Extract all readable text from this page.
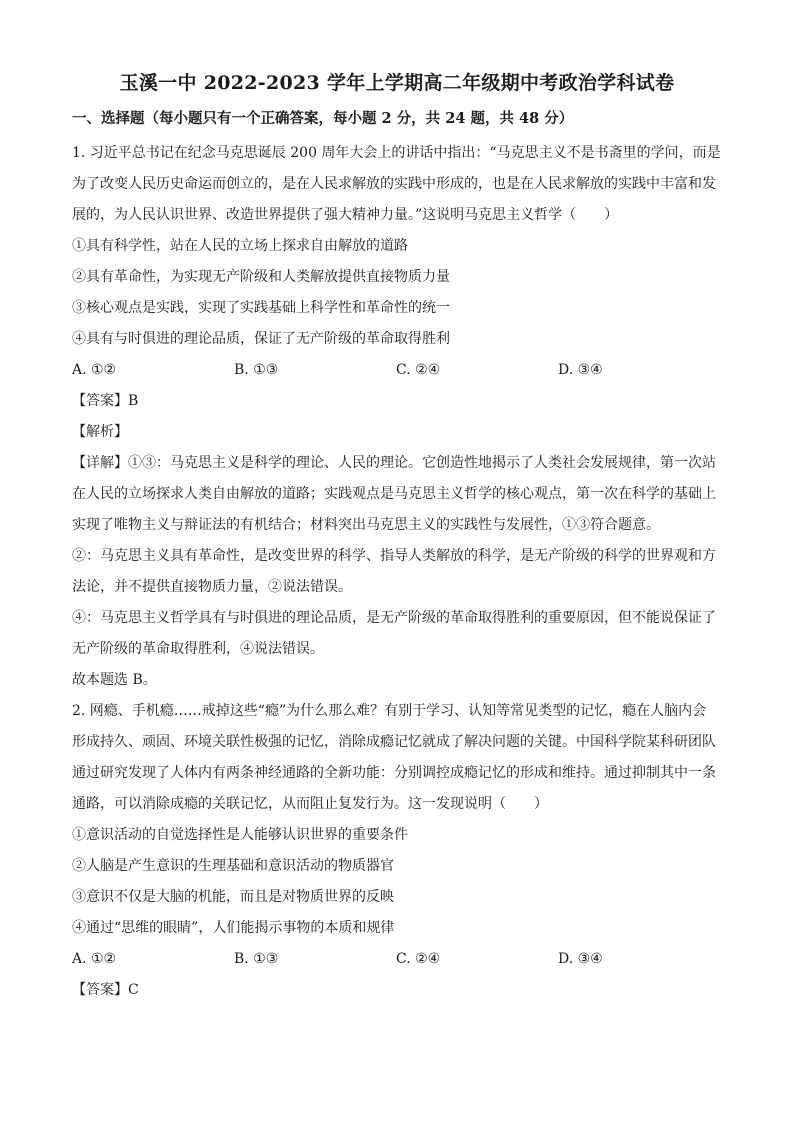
玉溪一中 2022-2023 学年上学期高二年级期中考政治学科试卷
一、选择题（每小题只有一个正确答案，每小题 2 分，共 24 题，共 48 分）

1. 习近平总书记在纪念马克思诞辰 200 周年大会上的讲话中指出：“马克思主义不是书斋里的学问，而是

为了改变人民历史命运而创立的，是在人民求解放的实践中形成的，也是在人民求解放的实践中丰富和发

展的，为人民认识世界、改造世界提供了强大精神力量。”这说明马克思主义哲学（　　）

①具有科学性，站在人民的立场上探求自由解放的道路

②具有革命性，为实现无产阶级和人类解放提供直接物质力量

③核心观点是实践，实现了实践基础上科学性和革命性的统一

④具有与时俱进的理论品质，保证了无产阶级的革命取得胜利

A. ①②	B. ①③	C. ②④	D. ③④

【答案】B

【解析】

【详解】①③：马克思主义是科学的理论、人民的理论。它创造性地揭示了人类社会发展规律，第一次站

在人民的立场探求人类自由解放的道路；实践观点是马克思主义哲学的核心观点，第一次在科学的基础上

实现了唯物主义与辩证法的有机结合；材料突出马克思主义的实践性与发展性，①③符合题意。

②：马克思主义具有革命性，是改变世界的科学、指导人类解放的科学，是无产阶级的科学的世界观和方

法论，并不提供直接物质力量，②说法错误。

④：马克思主义哲学具有与时俱进的理论品质，是无产阶级的革命取得胜利的重要原因，但不能说保证了

无产阶级的革命取得胜利，④说法错误。

故本题选 B。

2. 网瘾、手机瘾……戒掉这些“瘾”为什么那么难？有别于学习、认知等常见类型的记忆，瘾在人脑内会

形成持久、顽固、环境关联性极强的记忆，消除成瘾记忆就成了解决问题的关键。中国科学院某科研团队

通过研究发现了人体内有两条神经通路的全新功能：分别调控成瘾记忆的形成和维持。通过抑制其中一条

通路，可以消除成瘾的关联记忆，从而阻止复发行为。这一发现说明（　　）

①意识活动的自觉选择性是人能够认识世界的重要条件

②人脑是产生意识的生理基础和意识活动的物质器官

③意识不仅是大脑的机能，而且是对物质世界的反映

④通过“思维的眼睛”，人们能揭示事物的本质和规律

A. ①②	B. ①③	C. ②④	D. ③④

【答案】C
